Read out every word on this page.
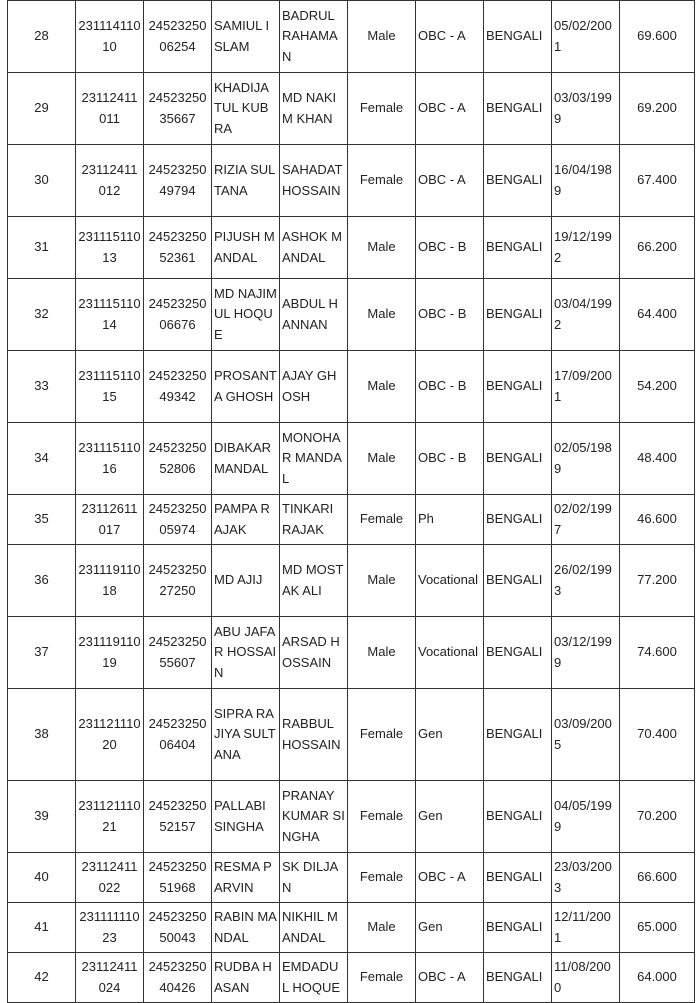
28	23111411010	2452325006254	SAMIUL ISLAM	BADRUL RAHAMAN	Male	OBC - A	BENGALI	05/02/2001	69.600
29	23112411011	2452325035667	KHADIJA TUL KUBRA	MD NAKIM KHAN	Female	OBC - A	BENGALI	03/03/1999	69.200
30	23112411012	2452325049794	RIZIA SULTANA	SAHADAT HOSSAIN	Female	OBC - A	BENGALI	16/04/1989	67.400
31	23111511013	2452325052361	PIJUSH MANDAL	ASHOK MANDAL	Male	OBC - B	BENGALI	19/12/1992	66.200
32	23111511014	2452325006676	MD NAJIMUL HOQUE	ABDUL HANNAN	Male	OBC - B	BENGALI	03/04/1992	64.400
33	23111511015	2452325049342	PROSANTA GHOSH	AJAY GHOSH	Male	OBC - B	BENGALI	17/09/2001	54.200
34	23111511016	2452325052806	DIBAKAR MANDAL	MONOHAR MANDAL	Male	OBC - B	BENGALI	02/05/1989	48.400
35	23112611017	2452325005974	PAMPA RAJAK	TINKARI RAJAK	Female	Ph	BENGALI	02/02/1997	46.600
36	23111911018	2452325027250	MD AJIJ	MD MOSTAK ALI	Male	Vocational	BENGALI	26/02/1993	77.200
37	23111911019	2452325055607	ABU JAFAR HOSSAIN	ARSAD HOSSAIN	Male	Vocational	BENGALI	03/12/1999	74.600
38	23112111020	2452325006404	SIPRA RAJIYA SULTANA	RABBUL HOSSAIN	Female	Gen	BENGALI	03/09/2005	70.400
39	23112111021	2452325052157	PALLABI SINGHA	PRANAY KUMAR SINGHA	Female	Gen	BENGALI	04/05/1999	70.200
40	23112411022	2452325051968	RESMA PARVIN	SK DILJAN	Female	OBC - A	BENGALI	23/03/2003	66.600
41	23111111023	2452325050043	RABIN MANDAL	NIKHIL MANDAL	Male	Gen	BENGALI	12/11/2001	65.000
42	23112411024	2452325040426	RUDBA HASAN	EMDADUL HOQUE	Female	OBC - A	BENGALI	11/08/2000	64.000
